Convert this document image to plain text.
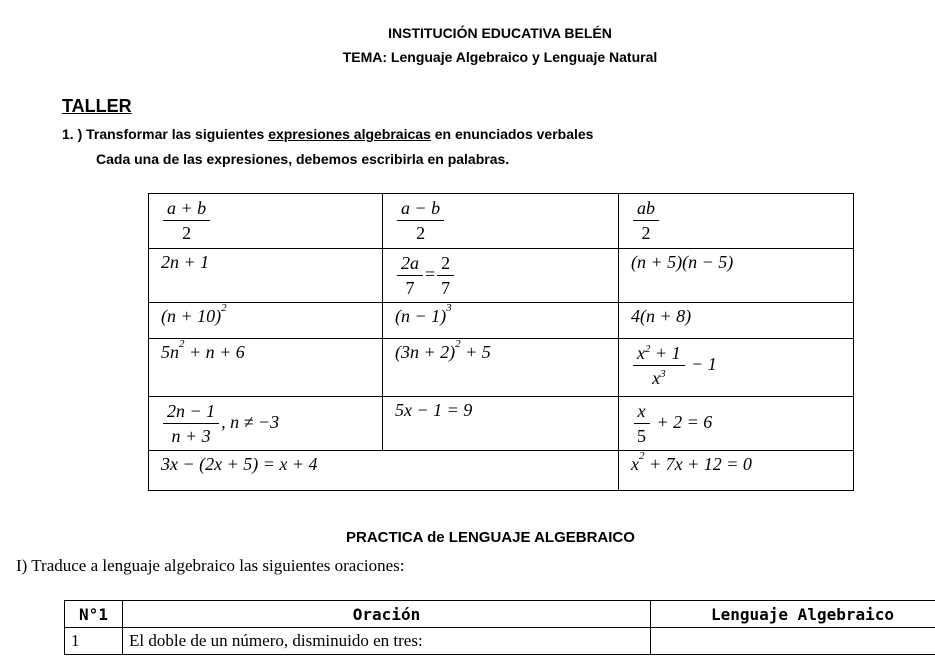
INSTITUCIÓN EDUCATIVA BELÉN
TEMA: Lenguaje Algebraico y Lenguaje Natural
TALLER
1. ) Transformar las siguientes expresiones algebraicas en enunciados verbales
Cada una de las expresiones, debemos escribirla en palabras.
$\frac{a + b}{2}$	$\frac{a - b}{2}$	$\frac{ab}{2}$

2n + 1	$\frac{2a}{7} = \frac{2}{7}$	(n + 5)(n − 5)
$(n + 10)^2$	$(n - 1)^3$	4(n + 8)
$5n^2 + n + 6$	$(3n + 2)^2 + 5$	$\frac{x^2 + 1}{x^3} - 1$

$\frac{2n - 1}{n + 3}$ , n ≠ −3	5x − 1 = 9	$\frac{x}{5} + 2 = 6$
3x − (2x + 5) = x + 4		$x^2 + 7x + 12 = 0$
PRACTICA de LENGUAJE ALGEBRAICO
I) Traduce a lenguaje algebraico las siguientes oraciones:
N°1	Oración	Lenguaje Algebraico
1	El doble de un número, disminuido en tres:	
